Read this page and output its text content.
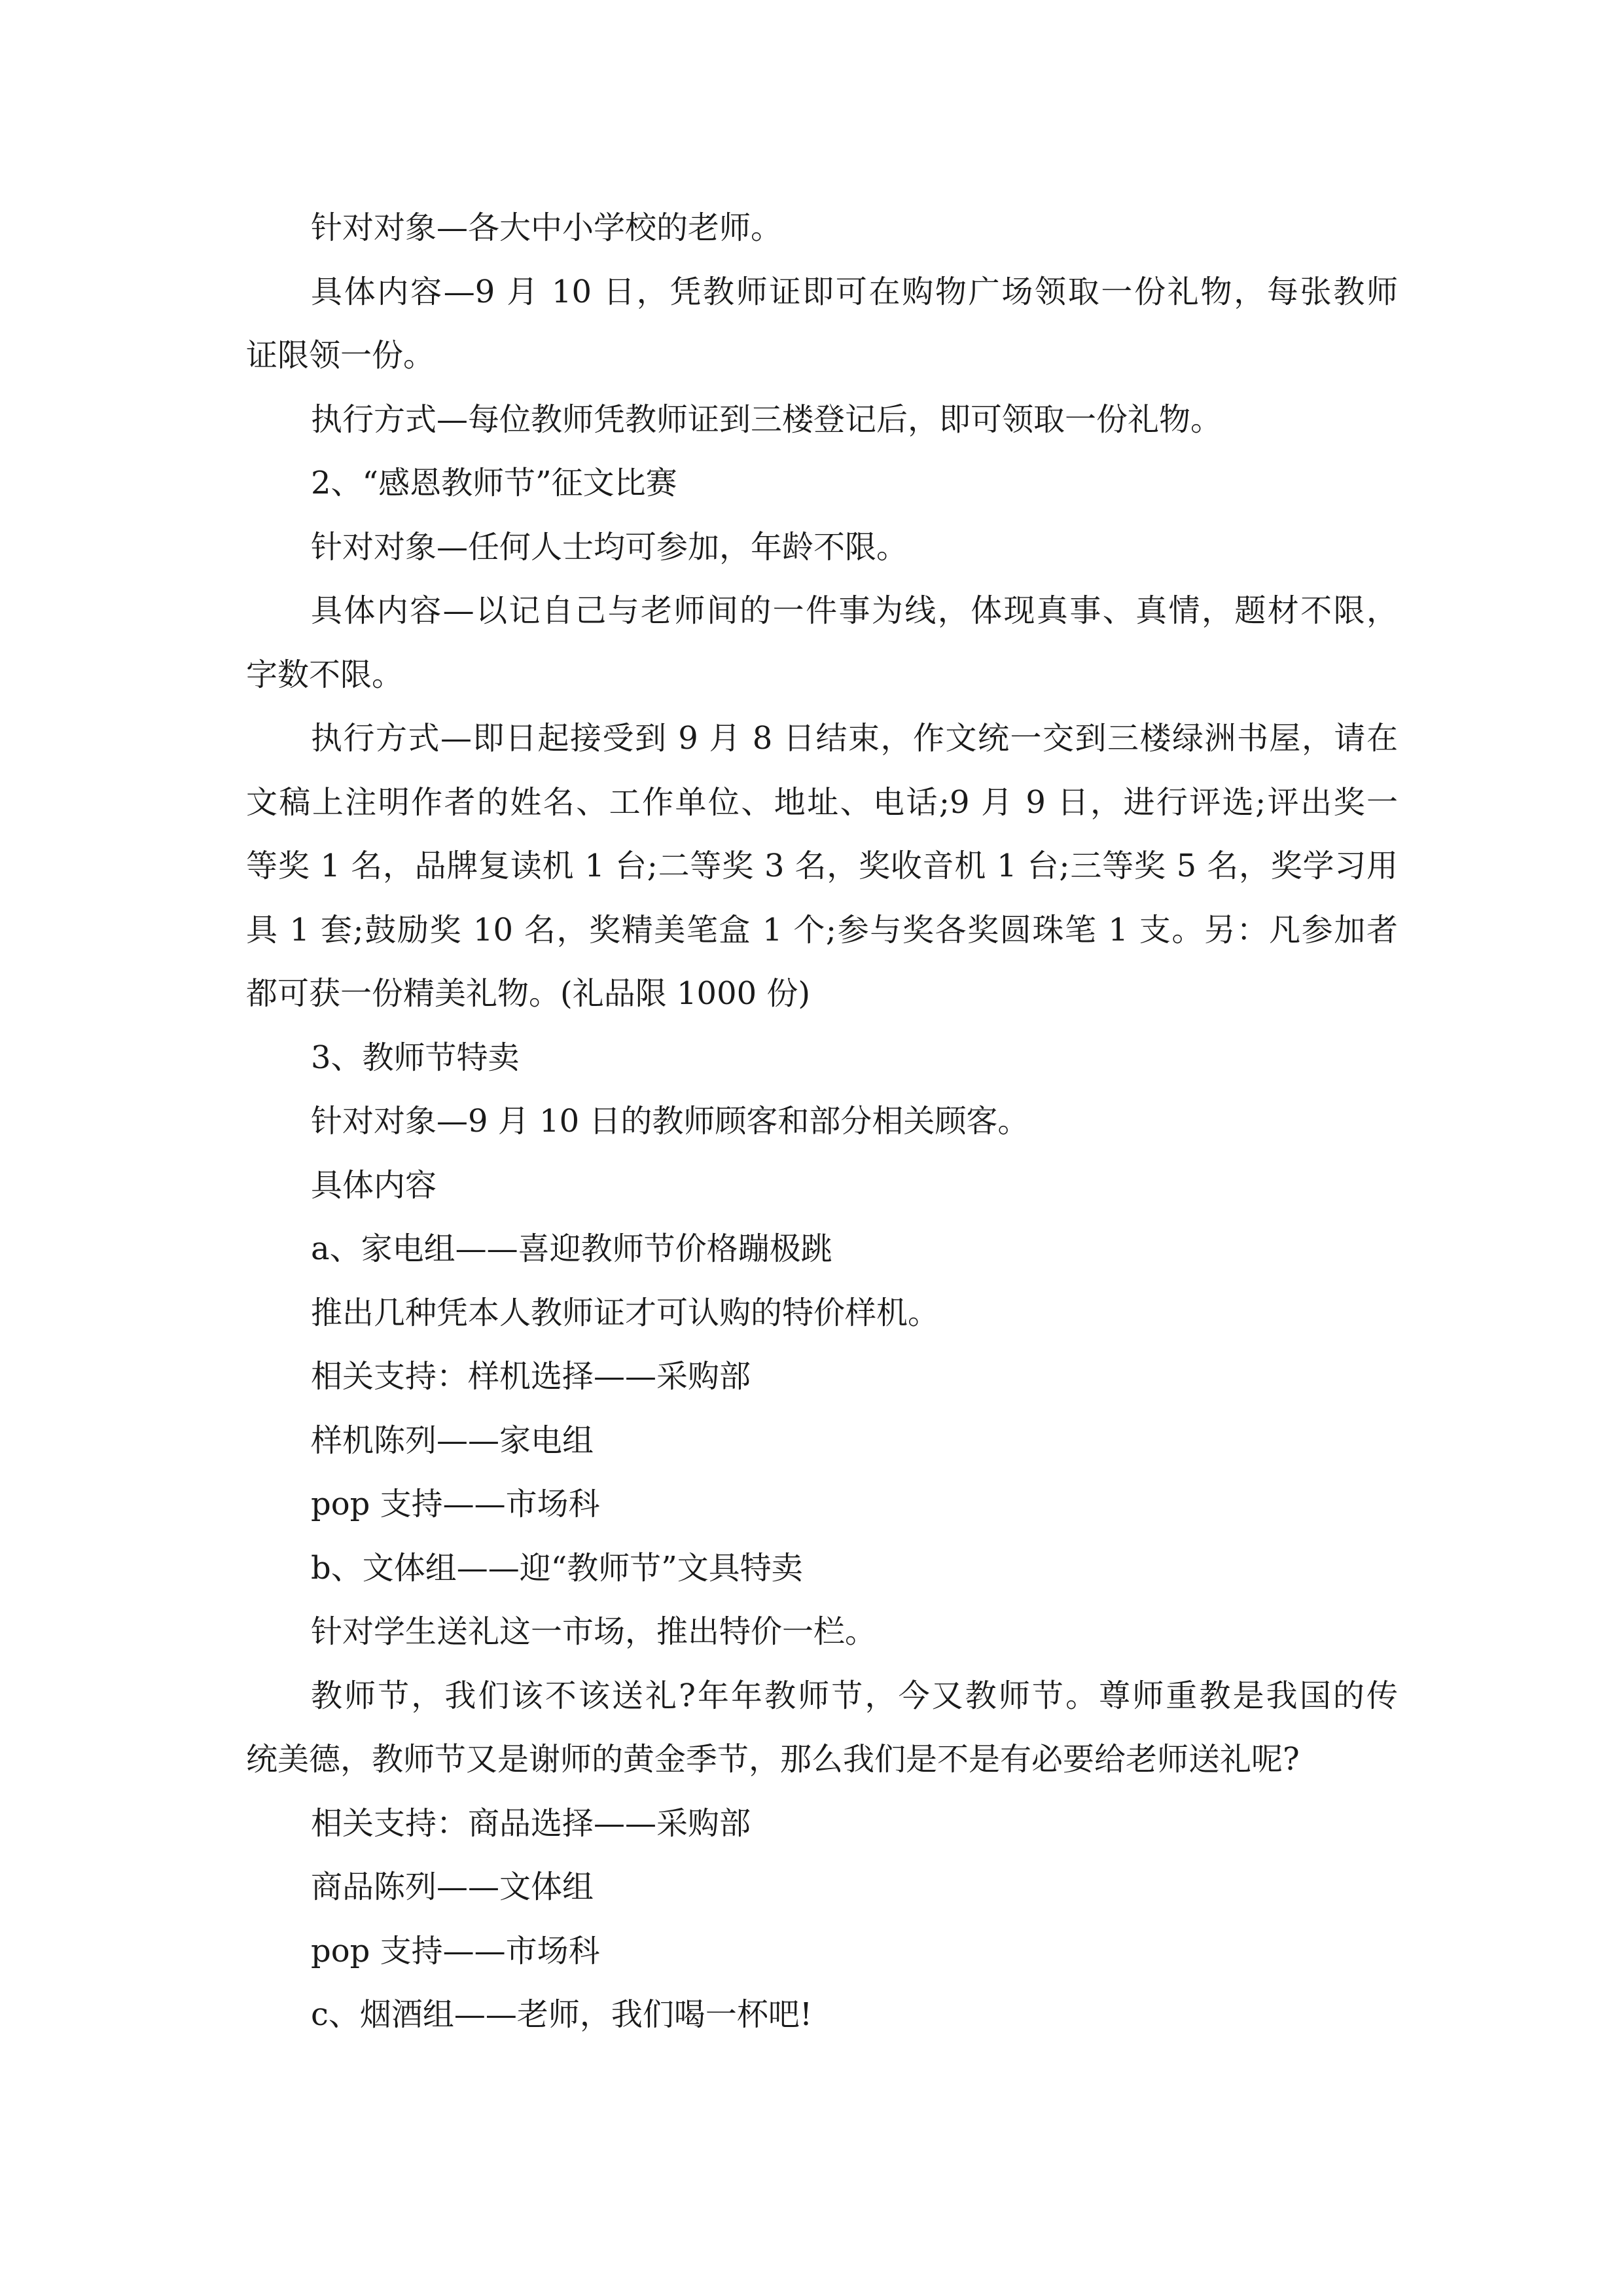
针对对象—各大中小学校的老师。

具体内容—9 月 10 日，凭教师证即可在购物广场领取一份礼物，每张教师

证限领一份。

执行方式—每位教师凭教师证到三楼登记后，即可领取一份礼物。

2、“感恩教师节”征文比赛

针对对象—任何人士均可参加，年龄不限。

具体内容—以记自己与老师间的一件事为线，体现真事、真情，题材不限，

字数不限。

执行方式—即日起接受到 9 月 8 日结束，作文统一交到三楼绿洲书屋，请在

文稿上注明作者的姓名、工作单位、地址、电话;9 月 9 日，进行评选;评出奖一

等奖 1 名，品牌复读机 1 台;二等奖 3 名，奖收音机 1 台;三等奖 5 名，奖学习用

具 1 套;鼓励奖 10 名，奖精美笔盒 1 个;参与奖各奖圆珠笔 1 支。另：凡参加者

都可获一份精美礼物。(礼品限 1000 份)

3、教师节特卖

针对对象—9 月 10 日的教师顾客和部分相关顾客。

具体内容

a、家电组——喜迎教师节价格蹦极跳

推出几种凭本人教师证才可认购的特价样机。

相关支持：样机选择——采购部

样机陈列——家电组

pop 支持——市场科

b、文体组——迎“教师节”文具特卖

针对学生送礼这一市场，推出特价一栏。

教师节，我们该不该送礼?年年教师节，今又教师节。尊师重教是我国的传

统美德，教师节又是谢师的黄金季节，那么我们是不是有必要给老师送礼呢?

相关支持：商品选择——采购部

商品陈列——文体组

pop 支持——市场科

c、烟酒组——老师，我们喝一杯吧!
